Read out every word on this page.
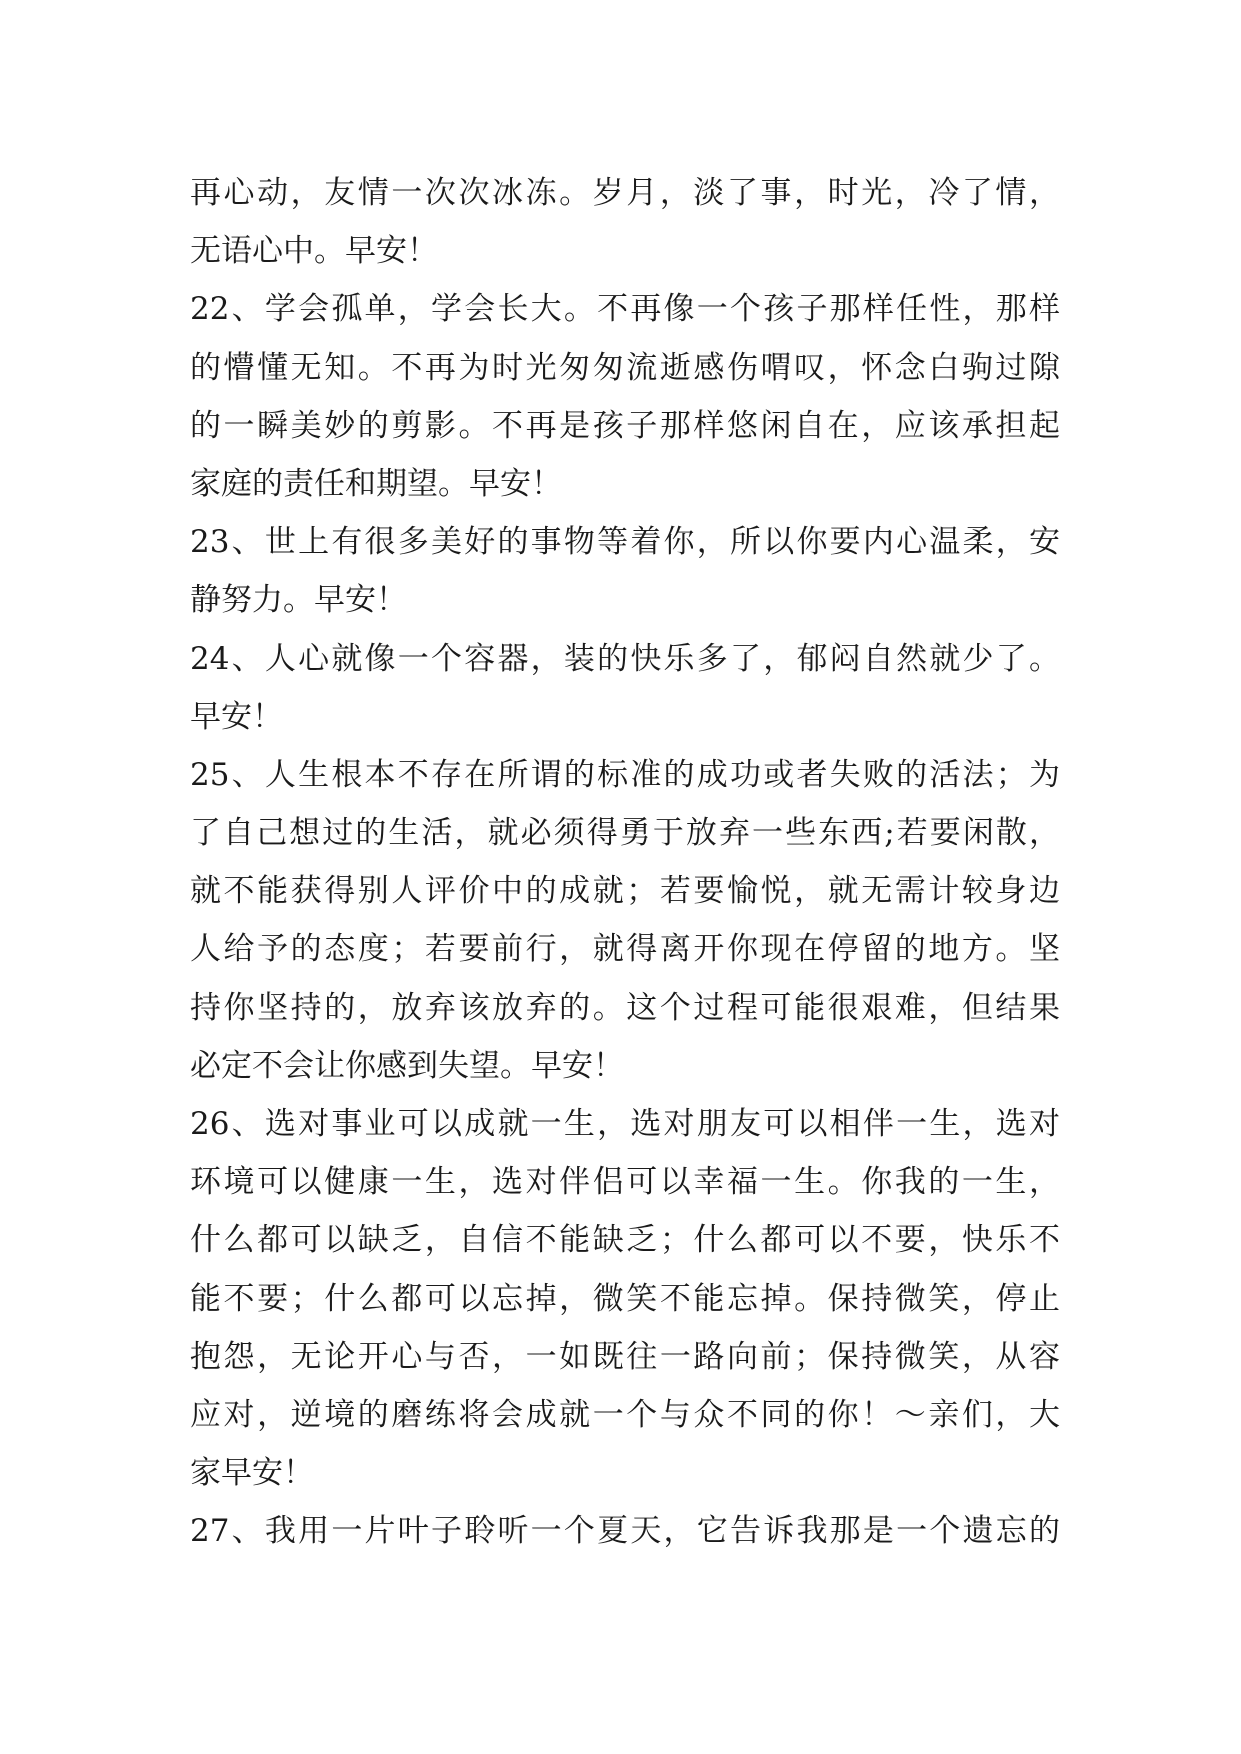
再心动，友情一次次冰冻。岁月，淡了事，时光，冷了情，
无语心中。早安！
22、学会孤单，学会长大。不再像一个孩子那样任性，那样
的懵懂无知。不再为时光匆匆流逝感伤喟叹，怀念白驹过隙
的一瞬美妙的剪影。不再是孩子那样悠闲自在，应该承担起
家庭的责任和期望。早安！
23、世上有很多美好的事物等着你，所以你要内心温柔，安
静努力。早安！
24、人心就像一个容器，装的快乐多了，郁闷自然就少了。
早安！
25、人生根本不存在所谓的标准的成功或者失败的活法；为
了自己想过的生活，就必须得勇于放弃一些东西;若要闲散，
就不能获得别人评价中的成就；若要愉悦，就无需计较身边
人给予的态度；若要前行，就得离开你现在停留的地方。坚
持你坚持的，放弃该放弃的。这个过程可能很艰难，但结果
必定不会让你感到失望。早安！
26、选对事业可以成就一生，选对朋友可以相伴一生，选对
环境可以健康一生，选对伴侣可以幸福一生。你我的一生，
什么都可以缺乏，自信不能缺乏；什么都可以不要，快乐不
能不要；什么都可以忘掉，微笑不能忘掉。保持微笑，停止
抱怨，无论开心与否，一如既往一路向前；保持微笑，从容
应对，逆境的磨练将会成就一个与众不同的你！～亲们，大
家早安！
27、我用一片叶子聆听一个夏天，它告诉我那是一个遗忘的
